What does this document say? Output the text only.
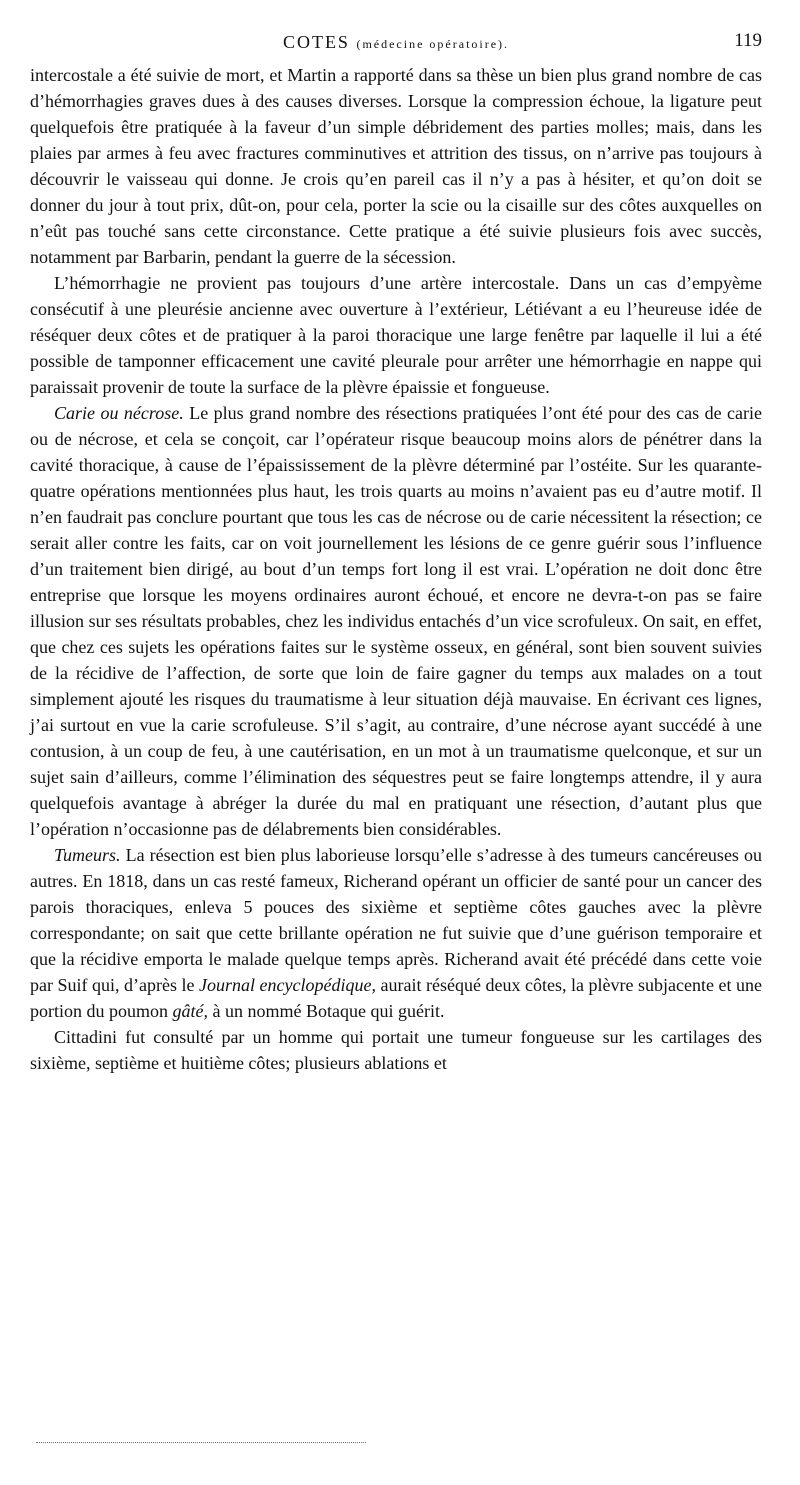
COTES (médecine opératoire).	119

intercostale a été suivie de mort, et Martin a rapporté dans sa thèse un bien plus grand nombre de cas d’hémorrhagies graves dues à des causes diverses. Lorsque la compression échoue, la ligature peut quelquefois être pratiquée à la faveur d’un simple débridement des parties molles; mais, dans les plaies par armes à feu avec fractures comminutives et attrition des tissus, on n’arrive pas toujours à découvrir le vaisseau qui donne. Je crois qu’en pareil cas il n’y a pas à hésiter, et qu’on doit se donner du jour à tout prix, dût-on, pour cela, porter la scie ou la cisaille sur des côtes auxquelles on n’eût pas touché sans cette circonstance. Cette pratique a été suivie plusieurs fois avec succès, notamment par Barbarin, pendant la guerre de la sécession.

L’hémorrhagie ne provient pas toujours d’une artère intercostale. Dans un cas d’empyème consécutif à une pleurésie ancienne avec ouverture à l’extérieur, Létiévant a eu l’heureuse idée de réséquer deux côtes et de pratiquer à la paroi thoracique une large fenêtre par laquelle il lui a été possible de tamponner efficacement une cavité pleurale pour arrêter une hémorrhagie en nappe qui paraissait provenir de toute la surface de la plèvre épaissie et fongueuse.

Carie ou nécrose. Le plus grand nombre des résections pratiquées l’ont été pour des cas de carie ou de nécrose, et cela se conçoit, car l’opérateur risque beaucoup moins alors de pénétrer dans la cavité thoracique, à cause de l’épaississement de la plèvre déterminé par l’ostéite. Sur les quarante-quatre opérations mentionnées plus haut, les trois quarts au moins n’avaient pas eu d’autre motif. Il n’en faudrait pas conclure pourtant que tous les cas de nécrose ou de carie nécessitent la résection; ce serait aller contre les faits, car on voit journellement les lésions de ce genre guérir sous l’influence d’un traitement bien dirigé, au bout d’un temps fort long il est vrai. L’opération ne doit donc être entreprise que lorsque les moyens ordinaires auront échoué, et encore ne devra-t-on pas se faire illusion sur ses résultats probables, chez les individus entachés d’un vice scrofuleux. On sait, en effet, que chez ces sujets les opérations faites sur le système osseux, en général, sont bien souvent suivies de la récidive de l’affection, de sorte que loin de faire gagner du temps aux malades on a tout simplement ajouté les risques du traumatisme à leur situation déjà mauvaise. En écrivant ces lignes, j’ai surtout en vue la carie scrofuleuse. S’il s’agit, au contraire, d’une nécrose ayant succédé à une contusion, à un coup de feu, à une cautérisation, en un mot à un traumatisme quelconque, et sur un sujet sain d’ailleurs, comme l’élimination des séquestres peut se faire longtemps attendre, il y aura quelquefois avantage à abréger la durée du mal en pratiquant une résection, d’autant plus que l’opération n’occasionne pas de délabrements bien considérables.

Tumeurs. La résection est bien plus laborieuse lorsqu’elle s’adresse à des tumeurs cancéreuses ou autres. En 1818, dans un cas resté fameux, Richerand opérant un officier de santé pour un cancer des parois thoraciques, enleva 5 pouces des sixième et septième côtes gauches avec la plèvre correspondante; on sait que cette brillante opération ne fut suivie que d’une guérison temporaire et que la récidive emporta le malade quelque temps après. Richerand avait été précédé dans cette voie par Suif qui, d’après le Journal encyclopédique, aurait réséqué deux côtes, la plèvre subjacente et une portion du poumon gâté, à un nommé Botaque qui guérit.

Cittadini fut consulté par un homme qui portait une tumeur fongueuse sur les cartilages des sixième, septième et huitième côtes; plusieurs ablations et
